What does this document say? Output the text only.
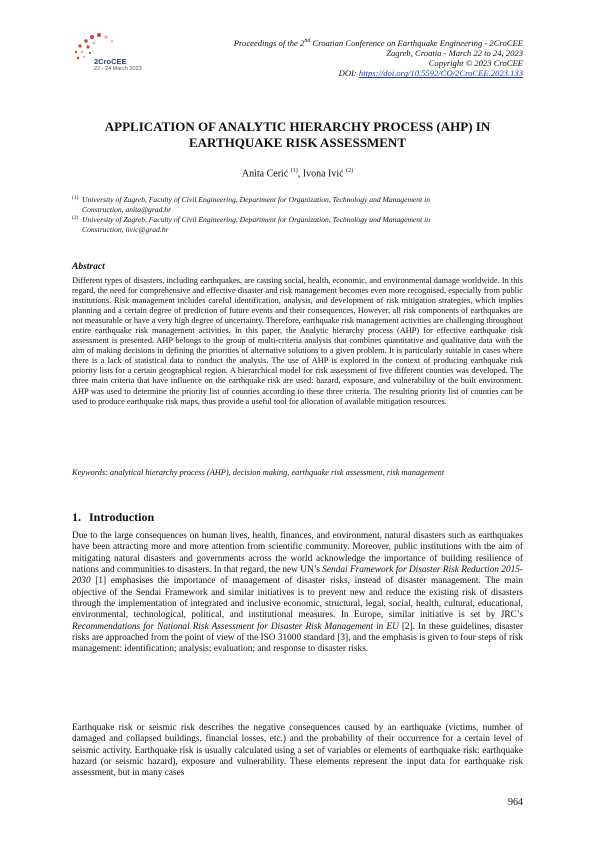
2CroCEE
22 - 24 March 2023
Proceedings of the 2nd Croatian Conference on Earthquake Engineering - 2CroCEE
Zagreb, Croatia - March 22 to 24, 2023
Copyright © 2023 CroCEE
DOI: https://doi.org/10.5592/CO/2CroCEE.2023.133
APPLICATION OF ANALYTIC HIERARCHY PROCESS (AHP) IN
EARTHQUAKE RISK ASSESSMENT
Anita Cerić $^{(1)}$, Ivona Ivić $^{(2)}$
(1) University of Zagreb, Faculty of Civil Engineering, Department for Organization, Technology and Management in
Construction, anita@grad.hr
(2) University of Zagreb, Faculty of Civil Engineering, Department for Organization, Technology and Management in
Construction, iivic@grad.hr
Abstract
Different types of disasters, including earthquakes, are causing social, health, economic, and environmental damage worldwide. In this regard, the need for comprehensive and effective disaster and risk management becomes even more recognised, especially from public institutions. Risk management includes careful identification, analysis, and development of risk mitigation strategies, which implies planning and a certain degree of prediction of future events and their consequences. However, all risk components of earthquakes are not measurable or have a very high degree of uncertainty. Therefore, earthquake risk management activities are challenging throughout entire earthquake risk management activities. In this paper, the Analytic hierarchy process (AHP) for effective earthquake risk assessment is presented. AHP belongs to the group of multi-criteria analysis that combines quantitative and qualitative data with the aim of making decisions in defining the priorities of alternative solutions to a given problem. It is particularly suitable in cases where there is a lack of statistical data to conduct the analysis. The use of AHP is explored in the context of producing earthquake risk priority lists for a certain geographical region. A hierarchical model for risk assessment of five different counties was developed. The three main criteria that have influence on the earthquake risk are used: hazard, exposure, and vulnerability of the built environment. AHP was used to determine the priority list of counties according to these three criteria. The resulting priority list of counties can be used to produce earthquake risk maps, thus provide a useful tool for allocation of available mitigation resources.
Keywords: analytical hierarchy process (AHP), decision making, earthquake risk assessment, risk management
1. Introduction
Due to the large consequences on human lives, health, finances, and environment, natural disasters such as earthquakes have been attracting more and more attention from scientific community. Moreover, public institutions with the aim of mitigating natural disasters and governments across the world acknowledge the importance of building resilience of nations and communities to disasters. In that regard, the new UN’s Sendai Framework for Disaster Risk Reduction 2015-2030 [1] emphasises the importance of management of disaster risks, instead of disaster management. The main objective of the Sendai Framework and similar initiatives is to prevent new and reduce the existing risk of disasters through the implementation of integrated and inclusive economic, structural, legal, social, health, cultural, educational, environmental, technological, political, and institutional measures. In Europe, similar initiative is set by JRC’s Recommendations for National Risk Assessment for Disaster Risk Management in EU [2]. In these guidelines, disaster risks are approached from the point of view of the ISO 31000 standard [3], and the emphasis is given to four steps of risk management: identification; analysis; evaluation; and response to disaster risks.
Earthquake risk or seismic risk describes the negative consequences caused by an earthquake (victims, number of damaged and collapsed buildings, financial losses, etc.) and the probability of their occurrence for a certain level of seismic activity. Earthquake risk is usually calculated using a set of variables or elements of earthquake risk: earthquake hazard (or seismic hazard), exposure and vulnerability. These elements represent the input data for earthquake risk assessment, but in many cases
964
